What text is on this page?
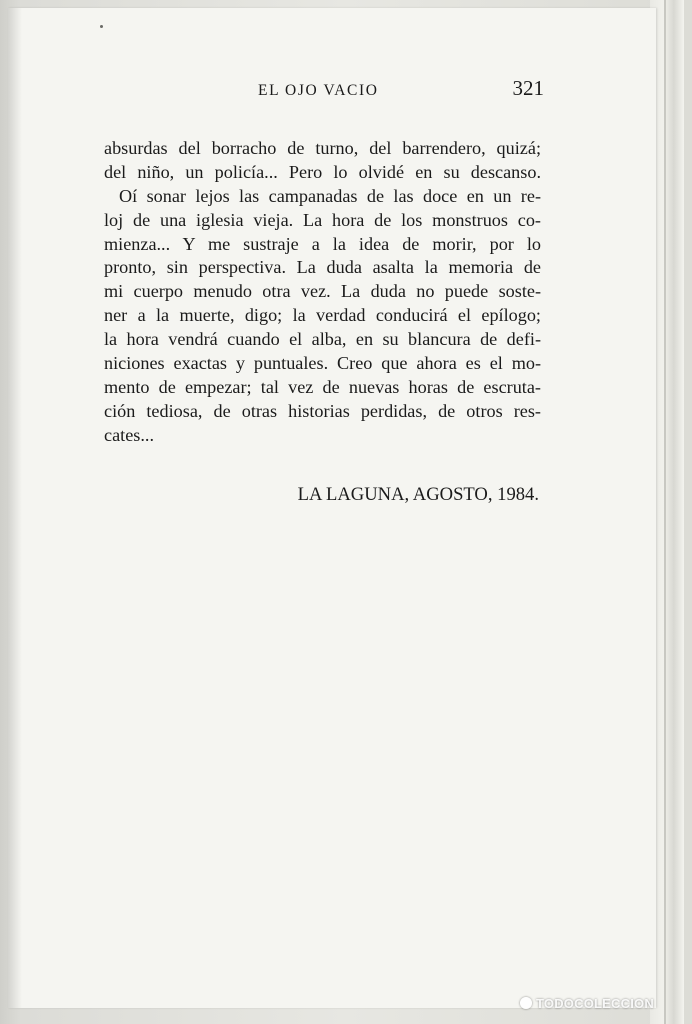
EL OJO VACIO	321
absurdas del borracho de turno, del barrendero, quizá;
del niño, un policía... Pero lo olvidé en su descanso.
Oí sonar lejos las campanadas de las doce en un re-
loj de una iglesia vieja. La hora de los monstruos co-
mienza... Y me sustraje a la idea de morir, por lo
pronto, sin perspectiva. La duda asalta la memoria de
mi cuerpo menudo otra vez. La duda no puede soste-
ner a la muerte, digo; la verdad conducirá el epílogo;
la hora vendrá cuando el alba, en su blancura de defi-
niciones exactas y puntuales. Creo que ahora es el mo-
mento de empezar; tal vez de nuevas horas de escruta-
ción tediosa, de otras historias perdidas, de otros res-
cates...
LA LAGUNA, AGOSTO, 1984.
TODOCOLECCION
